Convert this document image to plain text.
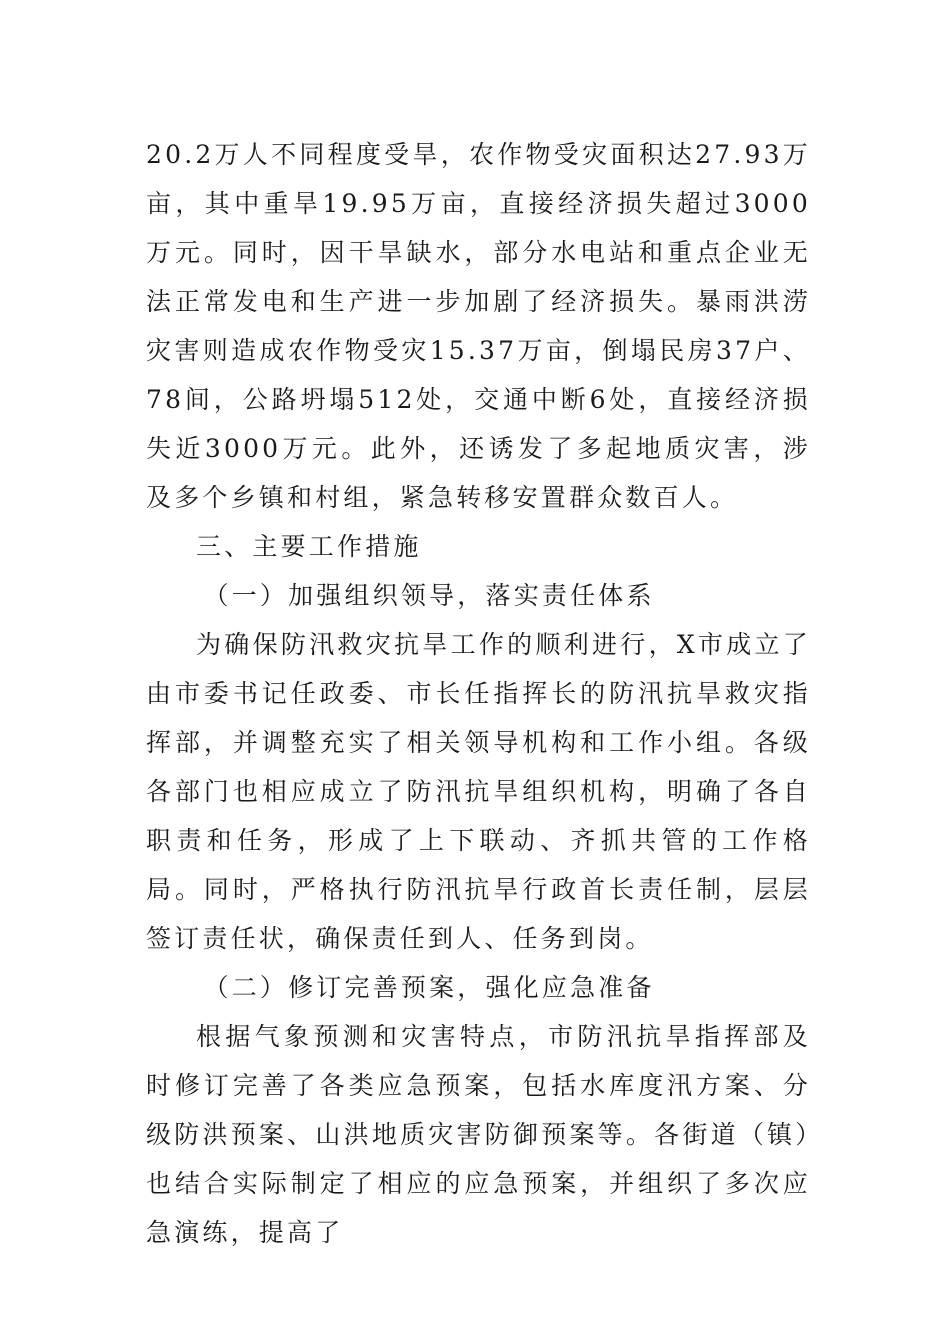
20.2万人不同程度受旱，农作物受灾面积达27.93万亩，其中重旱19.95万亩，直接经济损失超过3000万元。同时，因干旱缺水，部分水电站和重点企业无法正常发电和生产进一步加剧了经济损失。暴雨洪涝灾害则造成农作物受灾15.37万亩，倒塌民房37户、78间，公路坍塌512处，交通中断6处，直接经济损失近3000万元。此外，还诱发了多起地质灾害，涉及多个乡镇和村组，紧急转移安置群众数百人。

三、主要工作措施

（一）加强组织领导，落实责任体系

为确保防汛救灾抗旱工作的顺利进行，X市成立了由市委书记任政委、市长任指挥长的防汛抗旱救灾指挥部，并调整充实了相关领导机构和工作小组。各级各部门也相应成立了防汛抗旱组织机构，明确了各自职责和任务，形成了上下联动、齐抓共管的工作格局。同时，严格执行防汛抗旱行政首长责任制，层层签订责任状，确保责任到人、任务到岗。

（二）修订完善预案，强化应急准备

根据气象预测和灾害特点，市防汛抗旱指挥部及时修订完善了各类应急预案，包括水库度汛方案、分级防洪预案、山洪地质灾害防御预案等。各街道（镇）也结合实际制定了相应的应急预案，并组织了多次应急演练，提高了
